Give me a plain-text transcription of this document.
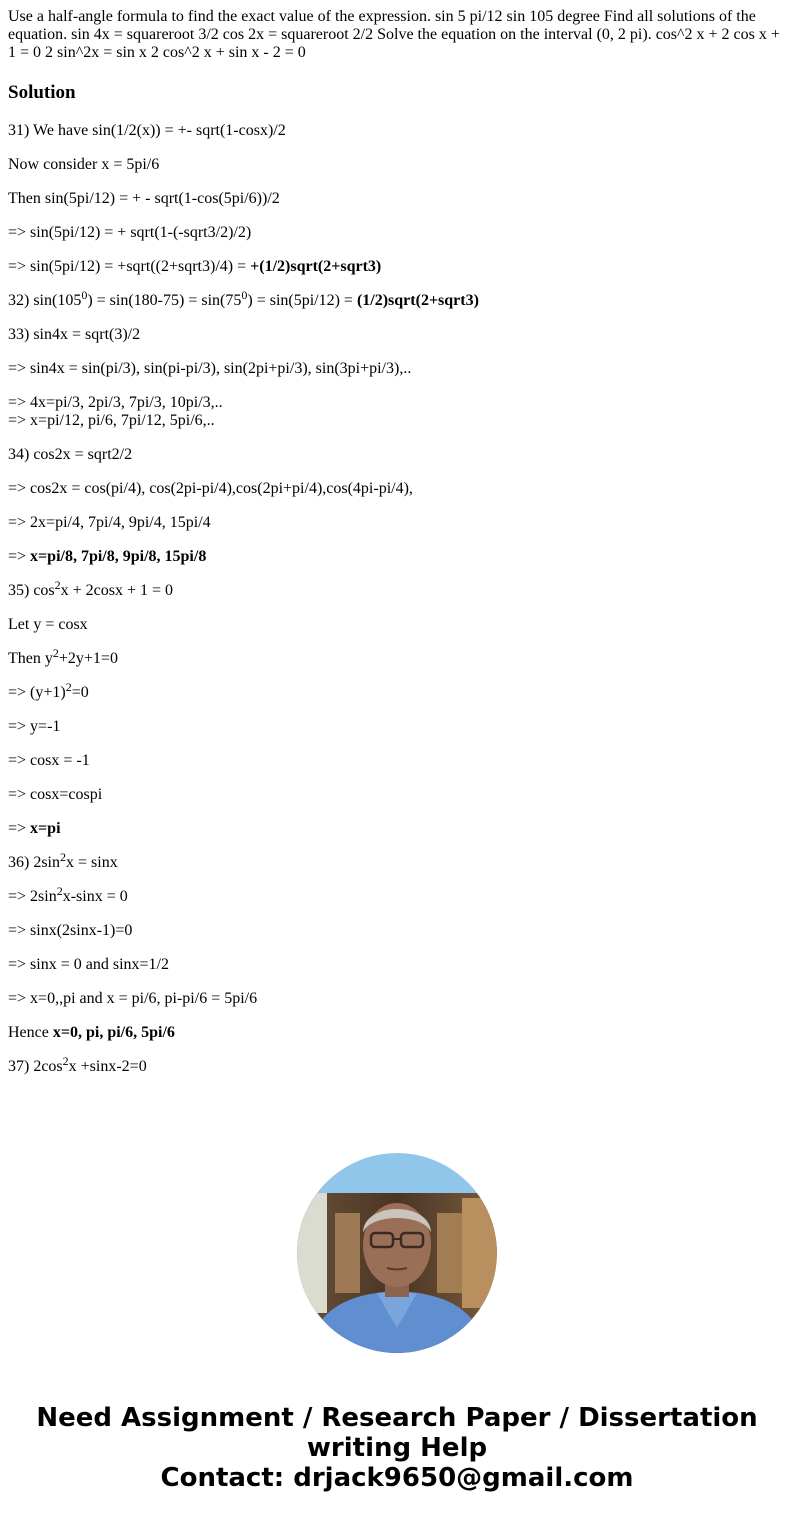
Use a half-angle formula to find the exact value of the expression. sin 5 pi/12 sin 105 degree Find all solutions of the equation. sin 4x = squareroot 3/2 cos 2x = squareroot 2/2 Solve the equation on the interval (0, 2 pi). cos^2 x + 2 cos x + 1 = 0 2 sin^2x = sin x 2 cos^2 x + sin x - 2 = 0

Solution

31) We have sin(1/2(x)) = +- sqrt(1-cosx)/2

Now consider x = 5pi/6

Then sin(5pi/12) = + - sqrt(1-cos(5pi/6))/2

=> sin(5pi/12) = + sqrt(1-(-sqrt3/2)/2)

=> sin(5pi/12) = +sqrt((2+sqrt3)/4) = +(1/2)sqrt(2+sqrt3)

32) $\sin(105^0) = \sin(180-75) = \sin(75^0) = \sin(5pi/12)$ = (1/2)sqrt(2+sqrt3)

33) sin4x = sqrt(3)/2

=> sin4x = sin(pi/3), sin(pi-pi/3), sin(2pi+pi/3), sin(3pi+pi/3),..

=> 4x=pi/3, 2pi/3, 7pi/3, 10pi/3,..

=> x=pi/12, pi/6, 7pi/12, 5pi/6,..

34) cos2x = sqrt2/2

=> cos2x = cos(pi/4), cos(2pi-pi/4),cos(2pi+pi/4),cos(4pi-pi/4),

=> 2x=pi/4, 7pi/4, 9pi/4, 15pi/4

=> x=pi/8, 7pi/8, 9pi/8, 15pi/8

35) $\cos^2x + 2\cos x + 1 = 0$

Let y = cosx

Then $y^2+2y+1=0$

=> $(y+1)^2=0$

=> y=-1

=> cosx = -1

=> cosx=cospi

=> x=pi

36) $2\sin^2x = \sin x$

=> $2\sin^2x$-sinx = 0

=> sinx(2sinx-1)=0

=> sinx = 0 and sinx=1/2

=> x=0,,pi and x = pi/6, pi-pi/6 = 5pi/6

Hence x=0, pi, pi/6, 5pi/6

37) $2\cos^2x +\sin x-2=0$

Need Assignment / Research Paper / Dissertation
writing Help
Contact: drjack9650@gmail.com
